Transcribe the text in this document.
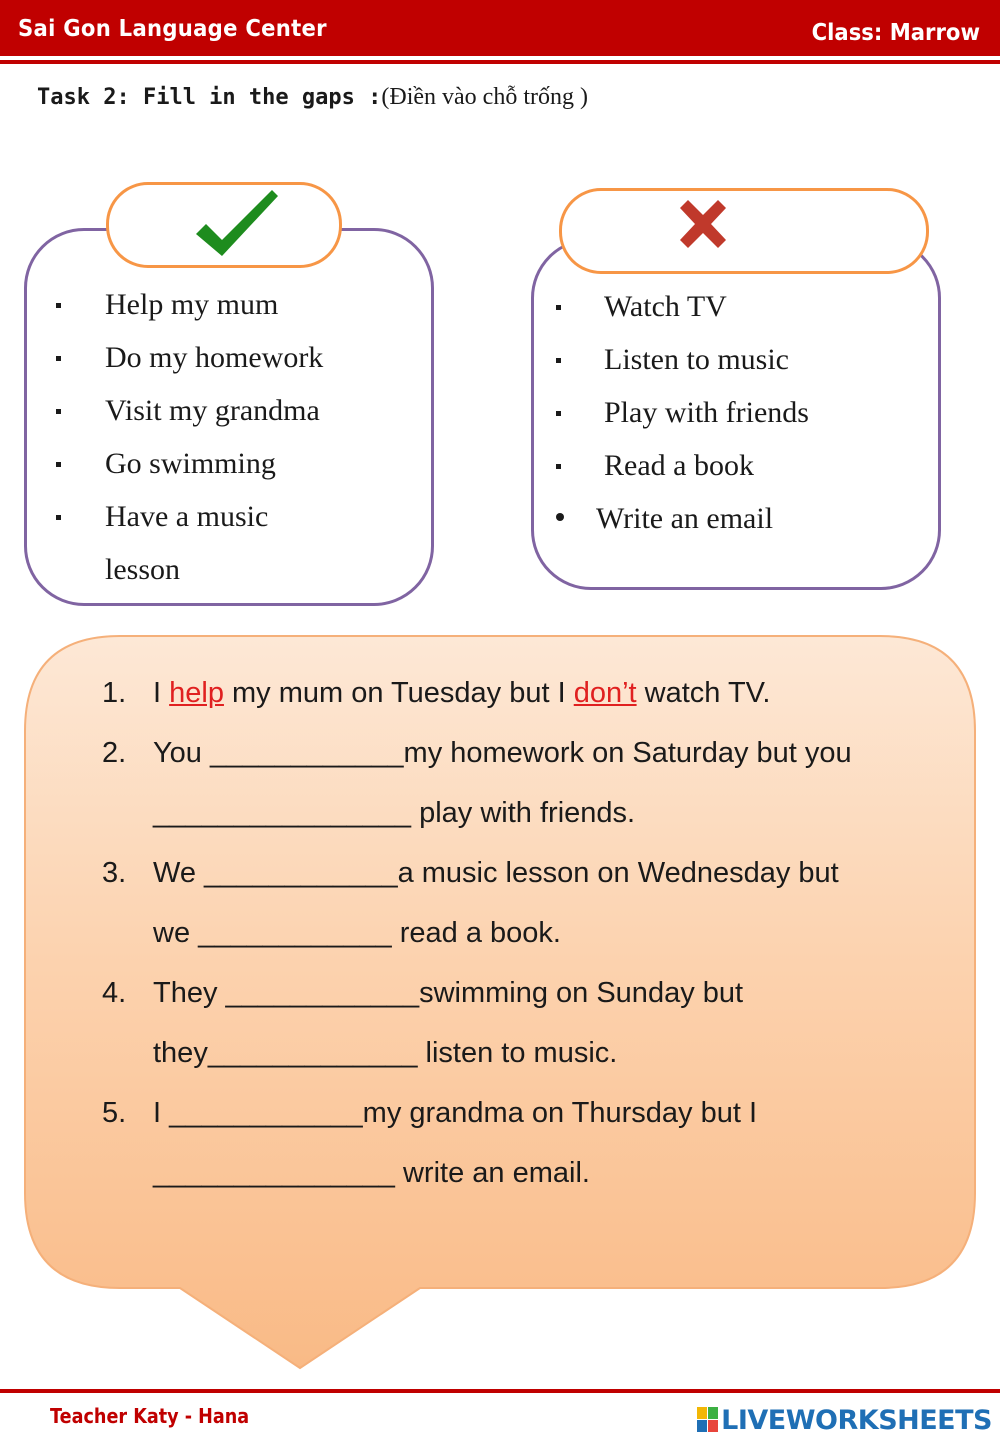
Sai Gon Language Center	Class: Marrow
Task 2: Fill in the gaps :(Điền vào chỗ trống )
Help my mum
Do my homework
Visit my grandma
Go swimming
Have a music
lesson
Watch TV
Listen to music
Play with friends
Read a book
Write an email
1. I help my mum on Tuesday but I don’t watch TV.
2. You ____________my homework on Saturday but you
________________ play with friends.
3. We ____________a music lesson on Wednesday but
we ____________ read a book.
4. They ____________swimming on Sunday but
they_____________ listen to music.
5. I ____________my grandma on Thursday but I
_______________ write an email.
Teacher Katy - Hana	LIVEWORKSHEETS
